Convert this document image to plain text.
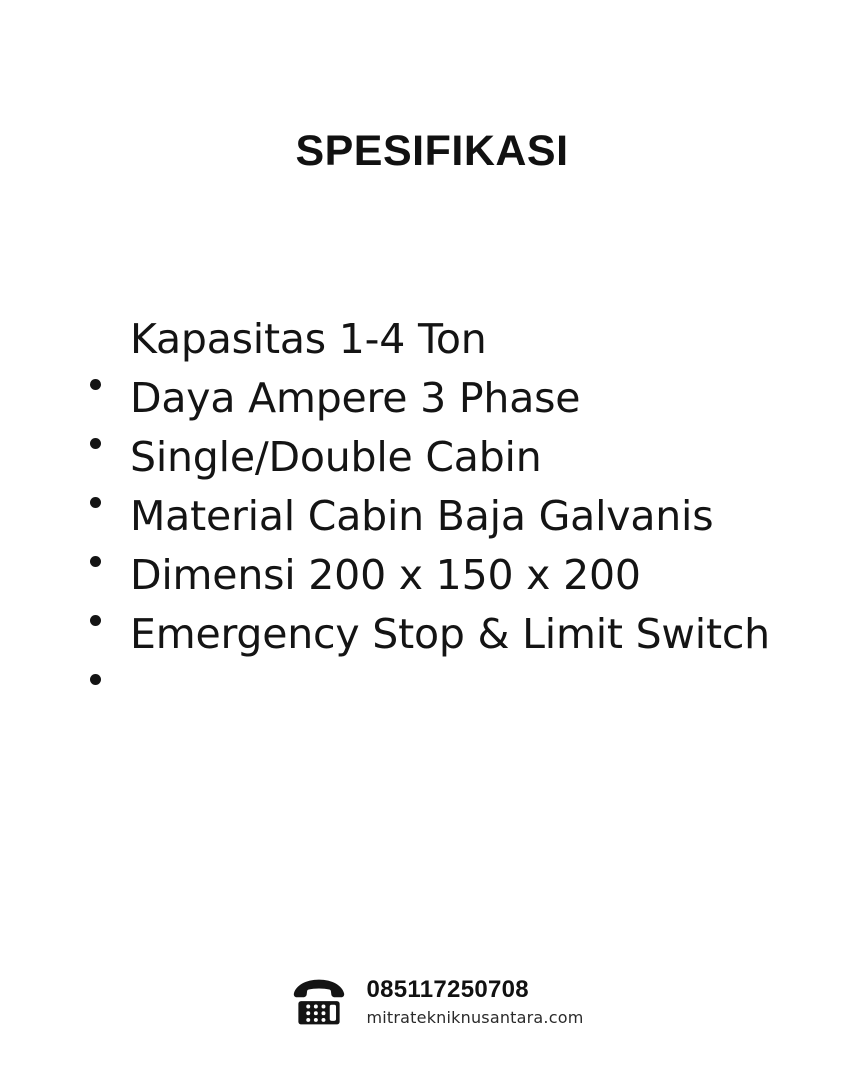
SPESIFIKASI
Kapasitas 1-4 Ton
Daya Ampere 3 Phase
Single/Double Cabin
Material Cabin Baja Galvanis
Dimensi 200 x 150 x 200
Emergency Stop & Limit Switch
085117250708
mitratekniknusantara.com
